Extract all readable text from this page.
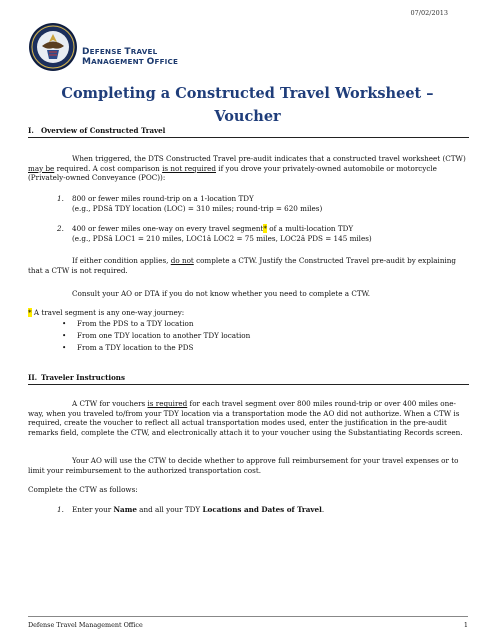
07/02/2013
DEFENSE TRAVEL
MANAGEMENT OFFICE
Completing a Constructed Travel Worksheet –
Voucher
I. Overview of Constructed Travel
When triggered, the DTS Constructed Travel pre-audit indicates that a constructed travel worksheet (CTW) may be required. A cost comparison is not required if you drove your privately-owned automobile or motorcycle (Privately-owned Conveyance (POC)):
1. 800 or fewer miles round-trip on a 1-location TDY
(e.g., PDSâ TDY location (LOC) = 310 miles; round-trip = 620 miles)
2. 400 or fewer miles one-way on every travel segment* of a multi-location TDY
(e.g., PDSâ LOC1 = 210 miles, LOC1â LOC2 = 75 miles, LOC2â PDS = 145 miles)
If either condition applies, do not complete a CTW. Justify the Constructed Travel pre-audit by explaining that a CTW is not required.
Consult your AO or DTA if you do not know whether you need to complete a CTW.
* A travel segment is any one-way journey:
• From the PDS to a TDY location
• From one TDY location to another TDY location
• From a TDY location to the PDS
II. Traveler Instructions
A CTW for vouchers is required for each travel segment over 800 miles round-trip or over 400 miles one-way, when you traveled to/from your TDY location via a transportation mode the AO did not authorize. When a CTW is required, create the voucher to reflect all actual transportation modes used, enter the justification in the pre-audit remarks field, complete the CTW, and electronically attach it to your voucher using the Substantiating Records screen.
Your AO will use the CTW to decide whether to approve full reimbursement for your travel expenses or to limit your reimbursement to the authorized transportation cost.
Complete the CTW as follows:
1. Enter your Name and all your TDY Locations and Dates of Travel.
Defense Travel Management Office	1
